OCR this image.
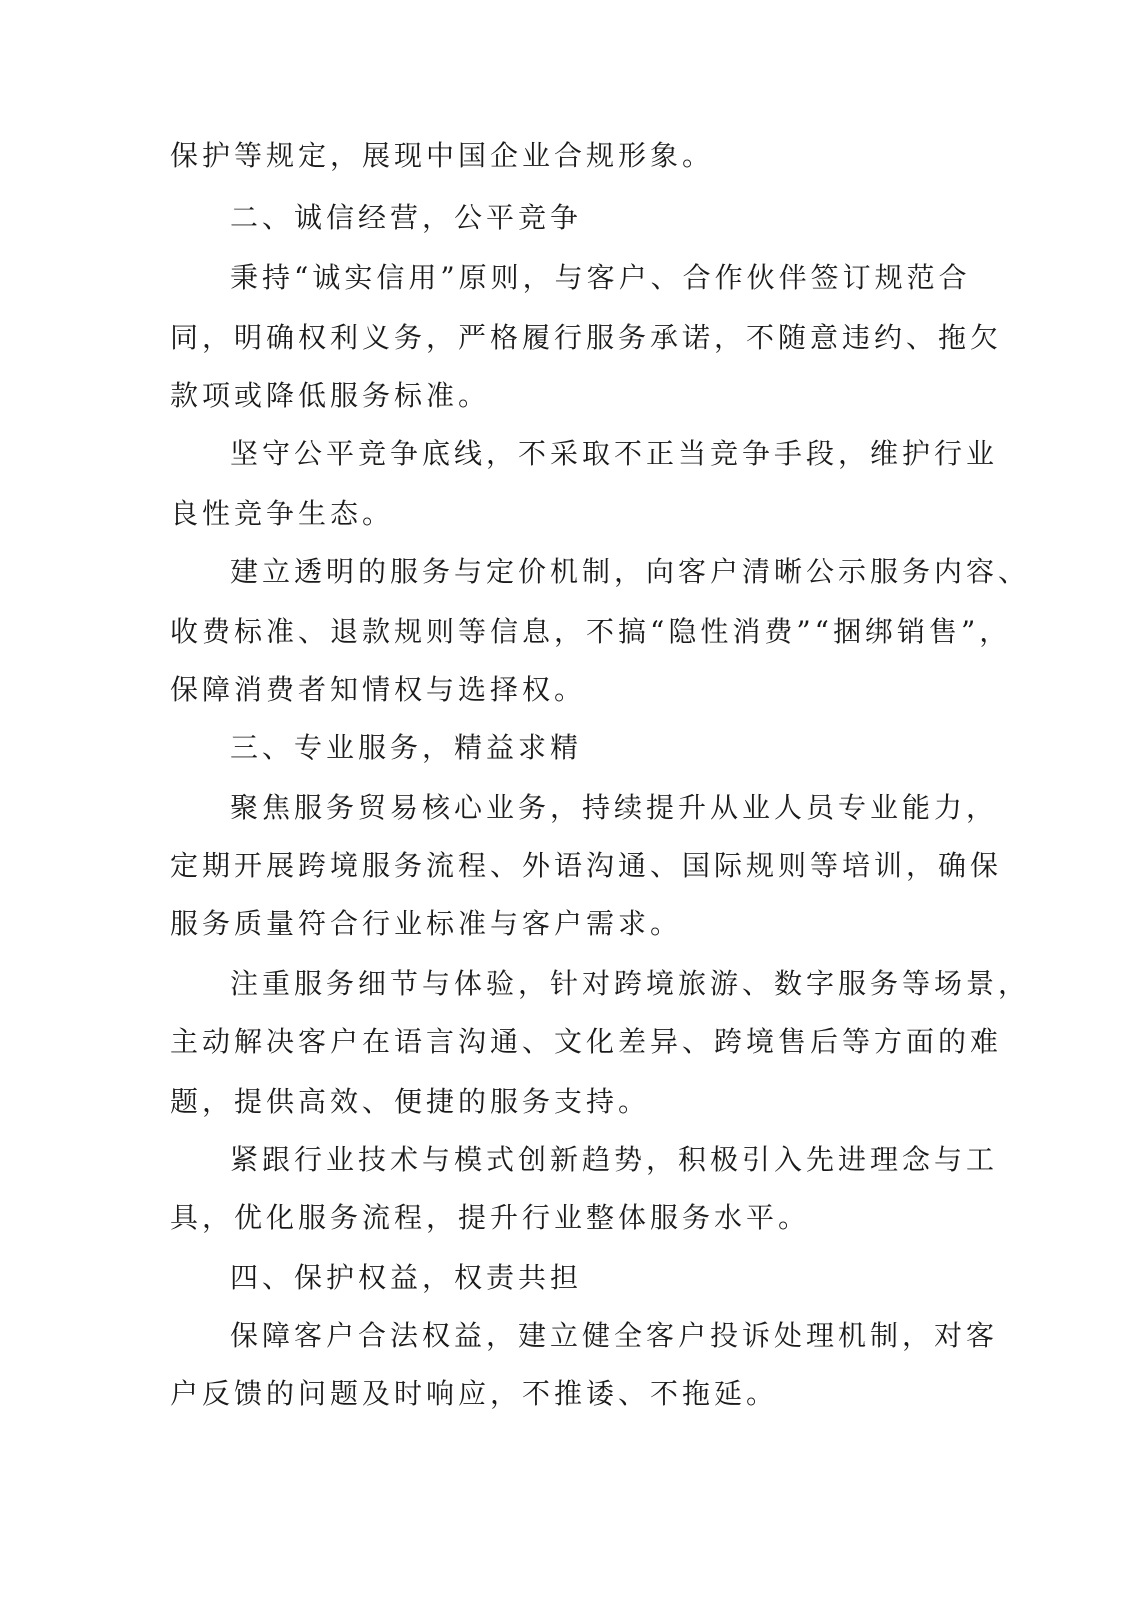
保护等规定，展现中国企业合规形象。
二、诚信经营，公平竞争
秉持“诚实信用”原则，与客户、合作伙伴签订规范合
同，明确权利义务，严格履行服务承诺，不随意违约、拖欠
款项或降低服务标准。
坚守公平竞争底线，不采取不正当竞争手段，维护行业
良性竞争生态。
建立透明的服务与定价机制，向客户清晰公示服务内容、
收费标准、退款规则等信息，不搞“隐性消费”“捆绑销售”，
保障消费者知情权与选择权。
三、专业服务，精益求精
聚焦服务贸易核心业务，持续提升从业人员专业能力，
定期开展跨境服务流程、外语沟通、国际规则等培训，确保
服务质量符合行业标准与客户需求。
注重服务细节与体验，针对跨境旅游、数字服务等场景，
主动解决客户在语言沟通、文化差异、跨境售后等方面的难
题，提供高效、便捷的服务支持。
紧跟行业技术与模式创新趋势，积极引入先进理念与工
具，优化服务流程，提升行业整体服务水平。
四、保护权益，权责共担
保障客户合法权益，建立健全客户投诉处理机制，对客
户反馈的问题及时响应，不推诿、不拖延。
